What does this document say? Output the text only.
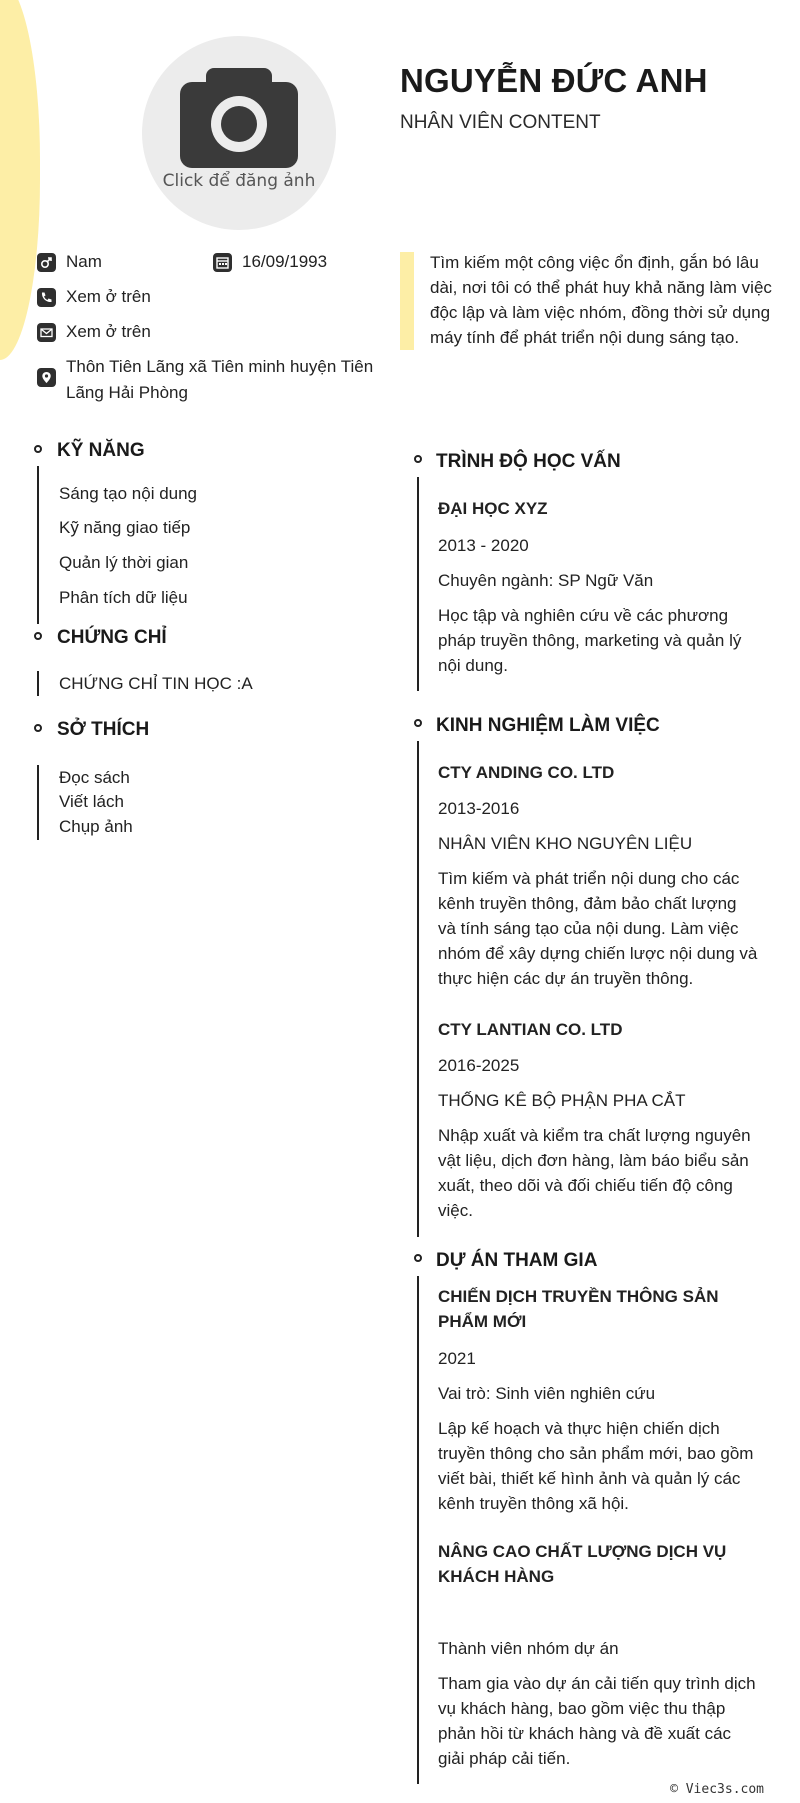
Click để đăng ảnh
NGUYỄN ĐỨC ANH
NHÂN VIÊN CONTENT
Nam	16/09/1993
Xem ở trên
Xem ở trên
Thôn Tiên Lãng xã Tiên minh huyện Tiên Lãng Hải Phòng
Tìm kiếm một công việc ổn định, gắn bó lâu dài, nơi tôi có thể phát huy khả năng làm việc độc lập và làm việc nhóm, đồng thời sử dụng máy tính để phát triển nội dung sáng tạo.
KỸ NĂNG
Sáng tạo nội dung
Kỹ năng giao tiếp
Quản lý thời gian
Phân tích dữ liệu
CHỨNG CHỈ
CHỨNG CHỈ TIN HỌC :A
SỞ THÍCH
Đọc sách
Viết lách
Chụp ảnh
TRÌNH ĐỘ HỌC VẤN
ĐẠI HỌC XYZ
2013 - 2020
Chuyên ngành: SP Ngữ Văn
Học tập và nghiên cứu về các phương pháp truyền thông, marketing và quản lý nội dung.
KINH NGHIỆM LÀM VIỆC
CTY ANDING CO. LTD
2013-2016
NHÂN VIÊN KHO NGUYÊN LIỆU
Tìm kiếm và phát triển nội dung cho các kênh truyền thông, đảm bảo chất lượng và tính sáng tạo của nội dung. Làm việc nhóm để xây dựng chiến lược nội dung và thực hiện các dự án truyền thông.
CTY LANTIAN CO. LTD
2016-2025
THỐNG KÊ BỘ PHẬN PHA CẮT
Nhập xuất và kiểm tra chất lượng nguyên vật liệu, dịch đơn hàng, làm báo biểu sản xuất, theo dõi và đối chiếu tiến độ công việc.
DỰ ÁN THAM GIA
CHIẾN DỊCH TRUYỀN THÔNG SẢN PHẨM MỚI
2021
Vai trò: Sinh viên nghiên cứu
Lập kế hoạch và thực hiện chiến dịch truyền thông cho sản phẩm mới, bao gồm viết bài, thiết kế hình ảnh và quản lý các kênh truyền thông xã hội.
NÂNG CAO CHẤT LƯỢNG DỊCH VỤ KHÁCH HÀNG
Thành viên nhóm dự án
Tham gia vào dự án cải tiến quy trình dịch vụ khách hàng, bao gồm việc thu thập phản hồi từ khách hàng và đề xuất các giải pháp cải tiến.
© Viec3s.com
